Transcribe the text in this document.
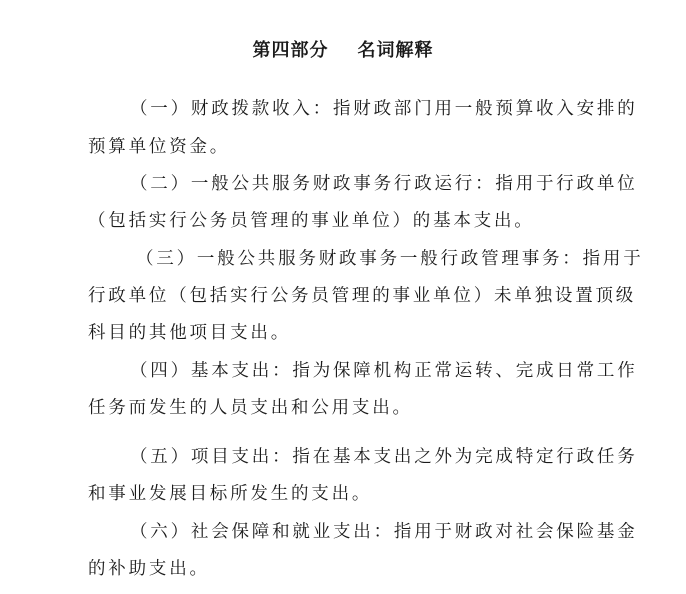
第四部分    名词解释
（一）财政拨款收入：指财政部门用一般预算收入安排的
预算单位资金。
（二）一般公共服务财政事务行政运行：指用于行政单位
（包括实行公务员管理的事业单位）的基本支出。
（三）一般公共服务财政事务一般行政管理事务：指用于
行政单位（包括实行公务员管理的事业单位）未单独设置顶级
科目的其他项目支出。
（四）基本支出：指为保障机构正常运转、完成日常工作
任务而发生的人员支出和公用支出。
（五）项目支出：指在基本支出之外为完成特定行政任务
和事业发展目标所发生的支出。
（六）社会保障和就业支出：指用于财政对社会保险基金
的补助支出。
